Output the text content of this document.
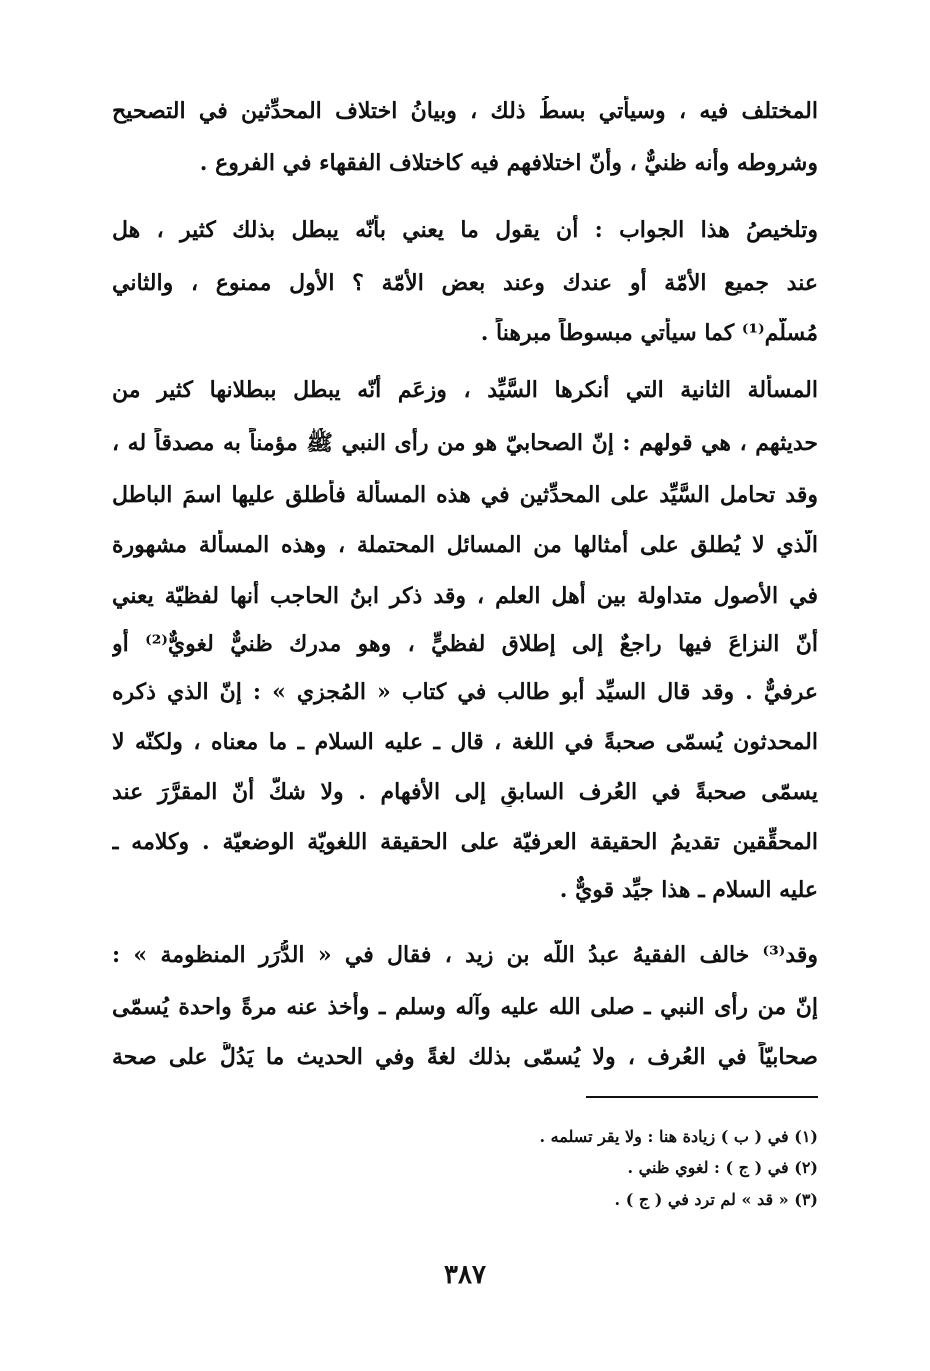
المختلف فيه ، وسيأتي بسطُ ذلك ، وبيانُ اختلاف المحدِّثين في التصحيح
وشروطه وأنه ظنيٌّ ، وأنّ اختلافهم فيه كاختلاف الفقهاء في الفروع .
وتلخيصُ هذا الجواب : أن يقول ما يعني بأنّه يبطل بذلك كثير ، هل
عند جميع الأمّة أو عندك وعند بعض الأمّة ؟ الأول ممنوع ، والثاني
مُسلَّم⁽¹⁾ كما سيأتي مبسوطاً مبرهناً .
المسألة الثانية التي أنكرها السَّيِّد ، وزعَم أنّه يبطل ببطلانها كثير من
حديثهم ، هي قولهم : إنّ الصحابيّ هو من رأى النبي ﷺ مؤمناً به مصدقاً له ،
وقد تحامل السَّيِّد على المحدِّثين في هذه المسألة فأطلق عليها اسمَ الباطل
الّذي لا يُطلق على أمثالها من المسائل المحتملة ، وهذه المسألة مشهورة
في الأصول متداولة بين أهل العلم ، وقد ذكر ابنُ الحاجب أنها لفظيّة يعني
أنّ النزاعَ فيها راجعٌ إلى إطلاق لفظيٍّ ، وهو مدرك ظنيٌّ لغويٌّ⁽²⁾ أو
عرفيٌّ . وقد قال السيِّد أبو طالب في كتاب « المُجزي » : إنّ الذي ذكره
المحدثون يُسمّى صحبةً في اللغة ، قال ـ عليه السلام ـ ما معناه ، ولكنّه لا
يسمّى صحبةً في العُرف السابقِ إلى الأفهام . ولا شكّ أنّ المقرَّرَ عند
المحقِّقين تقديمُ الحقيقة العرفيّة على الحقيقة اللغويّة الوضعيّة . وكلامه ـ
عليه السلام ـ هذا جيِّد قويٌّ .
وقد⁽³⁾ خالف الفقيهُ عبدُ اللّه بن زيد ، فقال في « الدُّرَر المنظومة » :
إنّ من رأى النبي ـ صلى الله عليه وآله وسلم ـ وأخذ عنه مرةً واحدة يُسمّى
صحابيّاً في العُرف ، ولا يُسمّى بذلك لغةً وفي الحديث ما يَدُلُّ على صحة
(١) في ( ب ) زيادة هنا : ولا يقر تسلمه .
(٢) في ( ج ) : لغوي ظني .
(٣) « قد » لم ترد في ( ج ) .
٣٨٧
